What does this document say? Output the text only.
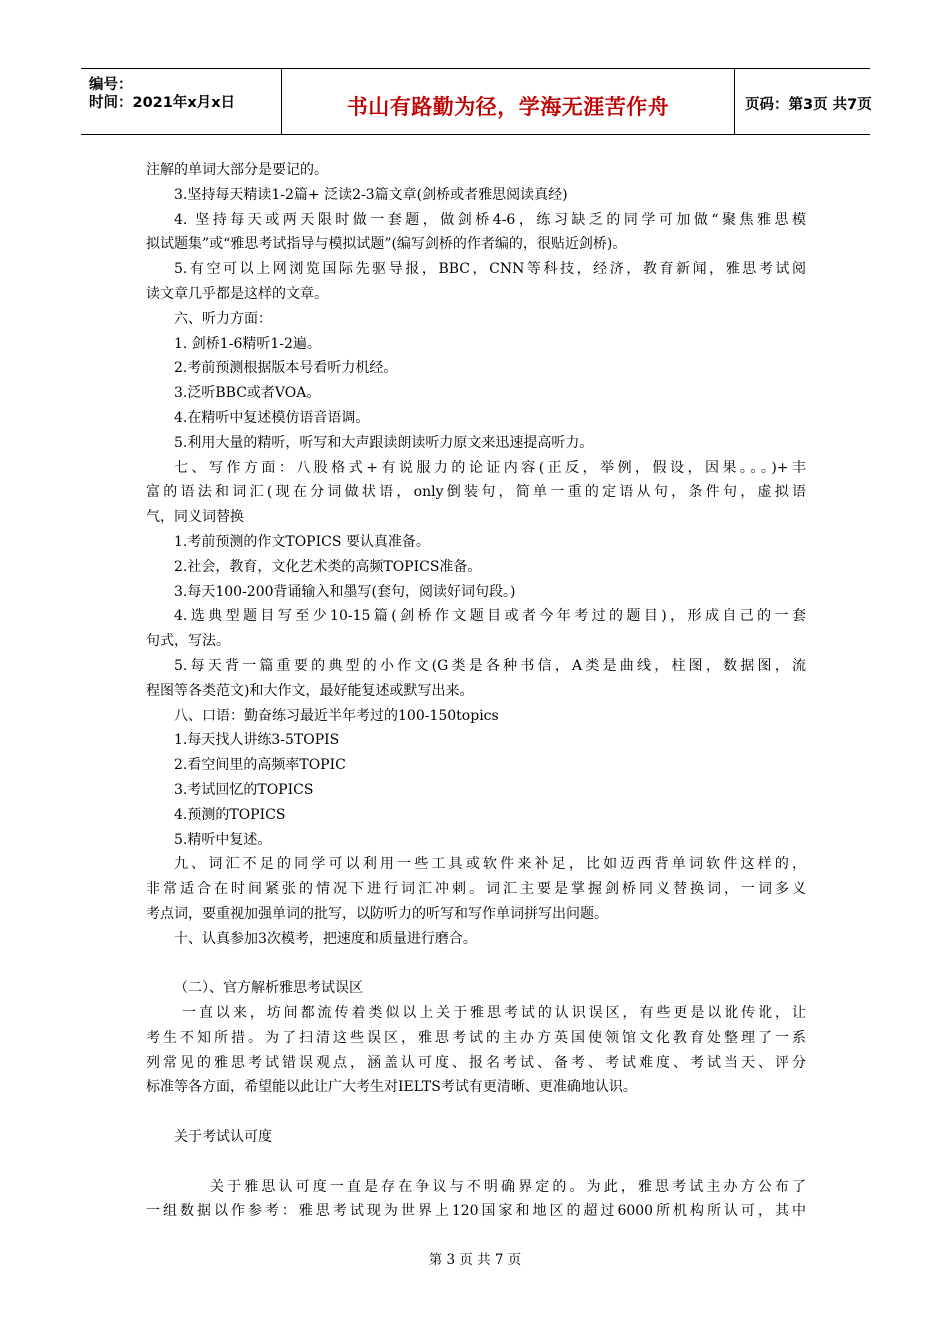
编号：
时间：2021年x月x日	书山有路勤为径，学海无涯苦作舟	页码：第3页 共7页
注解的单词大部分是要记的。
3.坚持每天精读1-2篇+ 泛读2-3篇文章(剑桥或者雅思阅读真经)
4. 坚持每天或两天限时做一套题，做剑桥4-6，练习缺乏的同学可加做“聚焦雅思模
拟试题集”或“雅思考试指导与模拟试题”(编写剑桥的作者编的，很贴近剑桥)。
5.有空可以上网浏览国际先驱导报，BBC，CNN等科技，经济，教育新闻，雅思考试阅
读文章几乎都是这样的文章。
六、听力方面：
1. 剑桥1-6精听1-2遍。
2.考前预测根据版本号看听力机经。
3.泛听BBC或者VOA。
4.在精听中复述模仿语音语调。
5.利用大量的精听，听写和大声跟读朗读听力原文来迅速提高听力。
七、写作方面：八股格式+有说服力的论证内容(正反，举例，假设，因果。。。)+丰
富的语法和词汇(现在分词做状语，only倒装句，简单一重的定语从句，条件句，虚拟语
气，同义词替换
1.考前预测的作文TOPICS 要认真准备。
2.社会，教育，文化艺术类的高频TOPICS准备。
3.每天100-200背诵输入和墨写(套句，阅读好词句段。)
4.选典型题目写至少10-15篇(剑桥作文题目或者今年考过的题目)，形成自己的一套
句式，写法。
5.每天背一篇重要的典型的小作文(G类是各种书信，A类是曲线，柱图，数据图，流
程图等各类范文)和大作文，最好能复述或默写出来。
八、口语：勤奋练习最近半年考过的100-150topics
1.每天找人讲练3-5TOPIS
2.看空间里的高频率TOPIC
3.考试回忆的TOPICS
4.预测的TOPICS
5.精听中复述。
九、词汇不足的同学可以利用一些工具或软件来补足，比如迈西背单词软件这样的，
非常适合在时间紧张的情况下进行词汇冲刺。词汇主要是掌握剑桥同义替换词，一词多义
考点词，要重视加强单词的批写，以防听力的听写和写作单词拼写出问题。
十、认真参加3次模考，把速度和质量进行磨合。
（二）、官方解析雅思考试误区
一直以来，坊间都流传着类似以上关于雅思考试的认识误区，有些更是以讹传讹，让
考生不知所措。为了扫清这些误区，雅思考试的主办方英国使领馆文化教育处整理了一系
列常见的雅思考试错误观点，涵盖认可度、报名考试、备考、考试难度、考试当天、评分
标准等各方面，希望能以此让广大考生对IELTS考试有更清晰、更准确地认识。
关于考试认可度
关于雅思认可度一直是存在争议与不明确界定的。为此，雅思考试主办方公布了
一组数据以作参考：雅思考试现为世界上120国家和地区的超过6000所机构所认可，其中
第 3 页 共 7 页
